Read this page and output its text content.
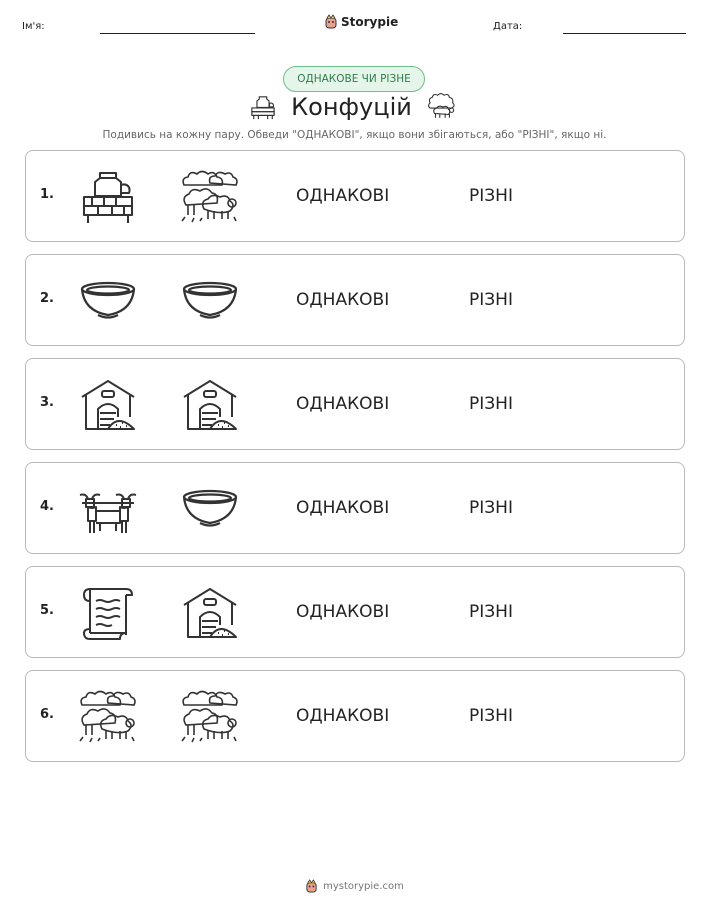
Ім'я:	Storypie	Дата:
ОДНАКОВЕ ЧИ РІЗНЕ
Конфуцій
Подивись на кожну пару. Обведи "ОДНАКОВІ", якщо вони збігаються, або "РІЗНІ", якщо ні.
1.	ОДНАКОВІ	РІЗНІ
2.	ОДНАКОВІ	РІЗНІ
3.	ОДНАКОВІ	РІЗНІ
4.	ОДНАКОВІ	РІЗНІ
5.	ОДНАКОВІ	РІЗНІ
6.	ОДНАКОВІ	РІЗНІ
mystorypie.com
